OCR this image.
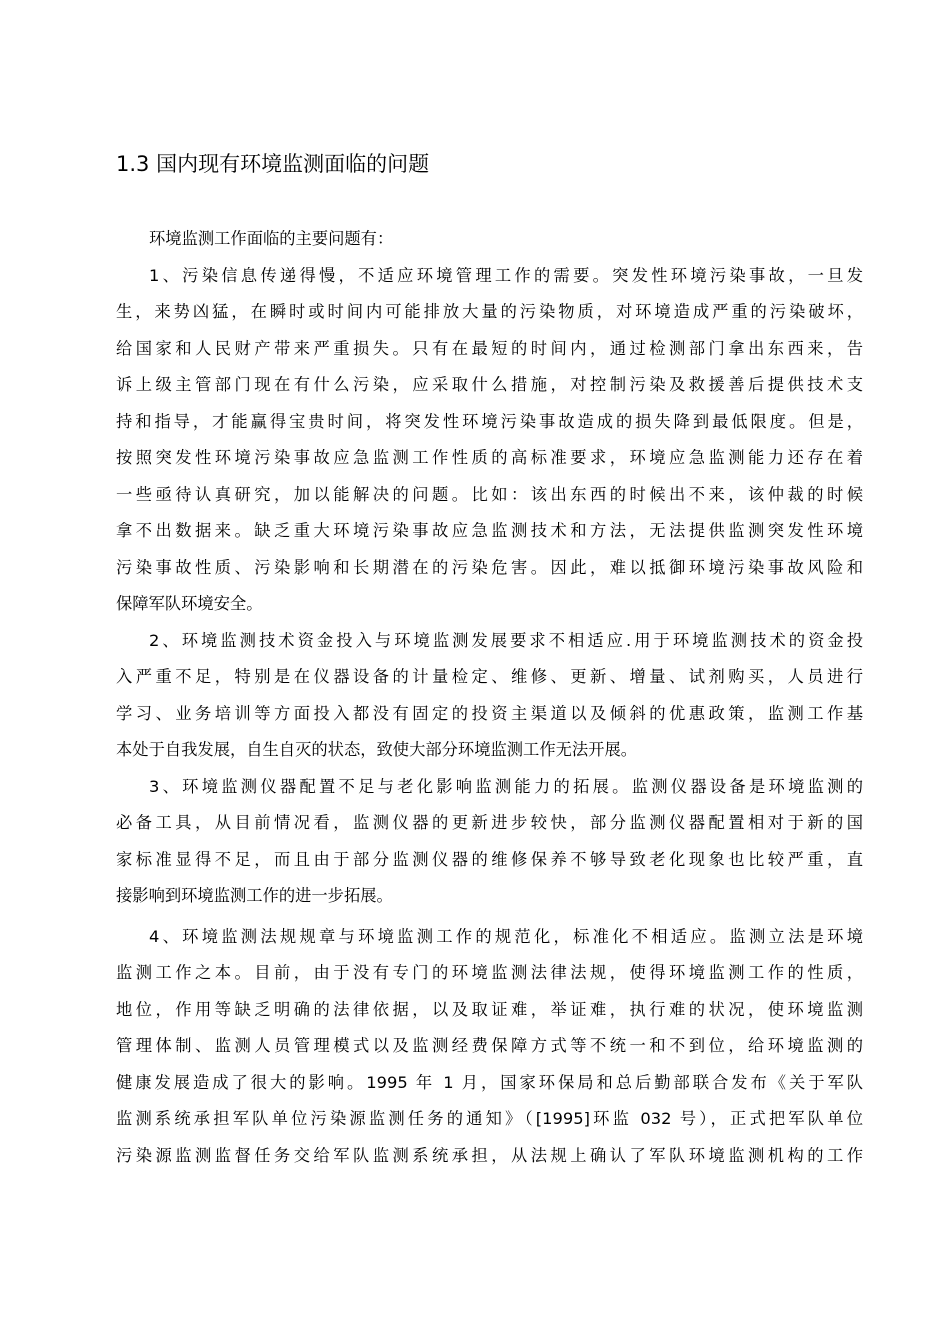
1.3 国内现有环境监测面临的问题
环境监测工作面临的主要问题有：
1、污染信息传递得慢，不适应环境管理工作的需要。突发性环境污染事故，一旦发
生，来势凶猛，在瞬时或时间内可能排放大量的污染物质，对环境造成严重的污染破坏，
给国家和人民财产带来严重损失。只有在最短的时间内，通过检测部门拿出东西来，告
诉上级主管部门现在有什么污染，应采取什么措施，对控制污染及救援善后提供技术支
持和指导，才能赢得宝贵时间，将突发性环境污染事故造成的损失降到最低限度。但是，
按照突发性环境污染事故应急监测工作性质的高标准要求，环境应急监测能力还存在着
一些亟待认真研究，加以能解决的问题。比如：该出东西的时候出不来，该仲裁的时候
拿不出数据来。缺乏重大环境污染事故应急监测技术和方法，无法提供监测突发性环境
污染事故性质、污染影响和长期潜在的污染危害。因此，难以抵御环境污染事故风险和
保障军队环境安全。
2、环境监测技术资金投入与环境监测发展要求不相适应.用于环境监测技术的资金投
入严重不足，特别是在仪器设备的计量检定、维修、更新、增量、试剂购买，人员进行
学习、业务培训等方面投入都没有固定的投资主渠道以及倾斜的优惠政策，监测工作基
本处于自我发展，自生自灭的状态，致使大部分环境监测工作无法开展。
3、环境监测仪器配置不足与老化影响监测能力的拓展。监测仪器设备是环境监测的
必备工具，从目前情况看，监测仪器的更新进步较快，部分监测仪器配置相对于新的国
家标准显得不足，而且由于部分监测仪器的维修保养不够导致老化现象也比较严重，直
接影响到环境监测工作的进一步拓展。
4、环境监测法规规章与环境监测工作的规范化，标准化不相适应。监测立法是环境
监测工作之本。目前，由于没有专门的环境监测法律法规，使得环境监测工作的性质，
地位，作用等缺乏明确的法律依据，以及取证难，举证难，执行难的状况，使环境监测
管理体制、监测人员管理模式以及监测经费保障方式等不统一和不到位，给环境监测的
健康发展造成了很大的影响。1995 年 1 月，国家环保局和总后勤部联合发布《关于军队
监测系统承担军队单位污染源监测任务的通知》（[1995]环监 032 号），正式把军队单位
污染源监测监督任务交给军队监测系统承担，从法规上确认了军队环境监测机构的工作
